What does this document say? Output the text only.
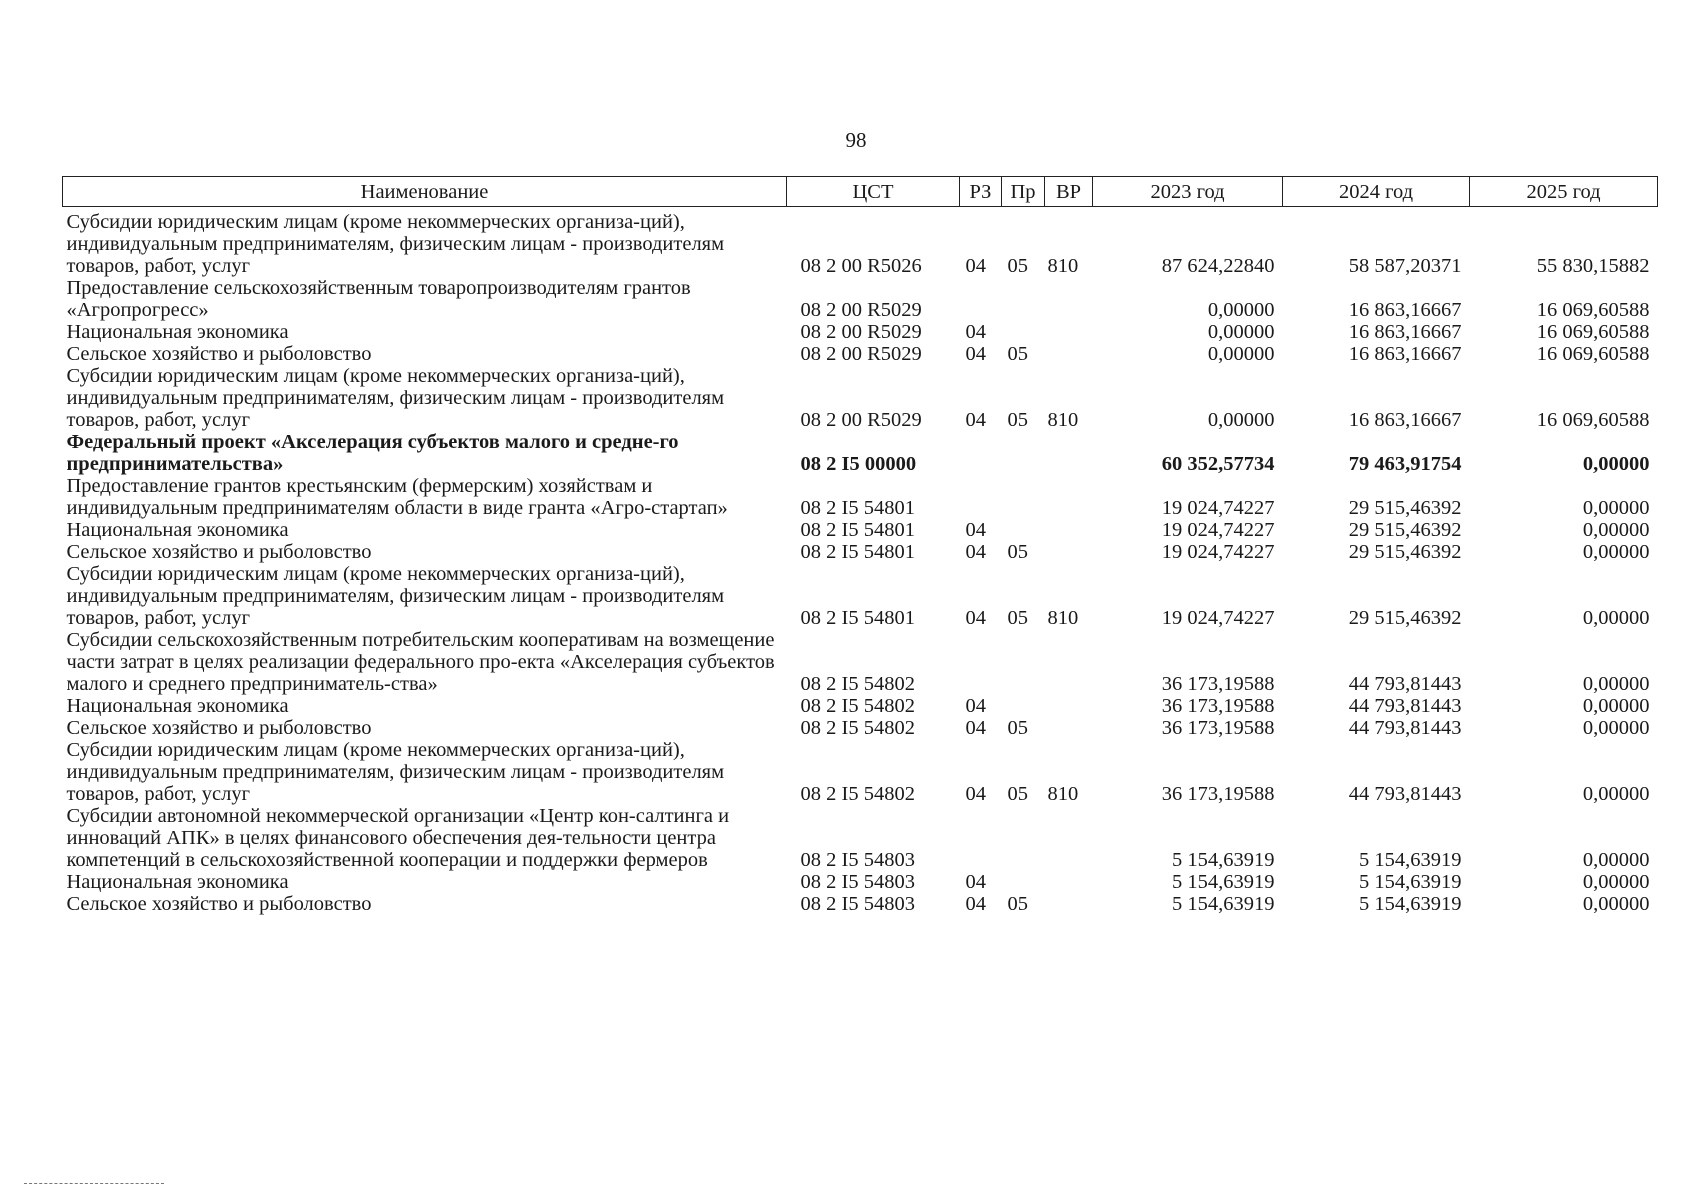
98
Наименование	ЦСТ	РЗ	Пр	ВР	2023 год	2024 год	2025 год
Субсидии юридическим лицам (кроме некоммерческих организа-ций), индивидуальным предпринимателям, физическим лицам - производителям товаров, работ, услуг	08 2 00 R5026	04	05	810	87 624,22840	58 587,20371	55 830,15882
Предоставление сельскохозяйственным товаропроизводителям грантов «Агропрогресс»	08 2 00 R5029				0,00000	16 863,16667	16 069,60588
Национальная экономика	08 2 00 R5029	04			0,00000	16 863,16667	16 069,60588
Сельское хозяйство и рыболовство	08 2 00 R5029	04	05		0,00000	16 863,16667	16 069,60588
Субсидии юридическим лицам (кроме некоммерческих организа-ций), индивидуальным предпринимателям, физическим лицам - производителям товаров, работ, услуг	08 2 00 R5029	04	05	810	0,00000	16 863,16667	16 069,60588
Федеральный проект «Акселерация субъектов малого и средне-го предпринимательства»	08 2 I5 00000				60 352,57734	79 463,91754	0,00000
Предоставление грантов крестьянским (фермерским) хозяйствам и индивидуальным предпринимателям области в виде гранта «Агро-стартап»	08 2 I5 54801				19 024,74227	29 515,46392	0,00000
Национальная экономика	08 2 I5 54801	04			19 024,74227	29 515,46392	0,00000
Сельское хозяйство и рыболовство	08 2 I5 54801	04	05		19 024,74227	29 515,46392	0,00000
Субсидии юридическим лицам (кроме некоммерческих организа-ций), индивидуальным предпринимателям, физическим лицам - производителям товаров, работ, услуг	08 2 I5 54801	04	05	810	19 024,74227	29 515,46392	0,00000
Субсидии сельскохозяйственным потребительским кооперативам на возмещение части затрат в целях реализации федерального про-екта «Акселерация субъектов малого и среднего предприниматель-ства»	08 2 I5 54802				36 173,19588	44 793,81443	0,00000
Национальная экономика	08 2 I5 54802	04			36 173,19588	44 793,81443	0,00000
Сельское хозяйство и рыболовство	08 2 I5 54802	04	05		36 173,19588	44 793,81443	0,00000
Субсидии юридическим лицам (кроме некоммерческих организа-ций), индивидуальным предпринимателям, физическим лицам - производителям товаров, работ, услуг	08 2 I5 54802	04	05	810	36 173,19588	44 793,81443	0,00000
Субсидии автономной некоммерческой организации «Центр кон-салтинга и инноваций АПК» в целях финансового обеспечения дея-тельности центра компетенций в сельскохозяйственной кооперации и поддержки фермеров	08 2 I5 54803				5 154,63919	5 154,63919	0,00000
Национальная экономика	08 2 I5 54803	04			5 154,63919	5 154,63919	0,00000
Сельское хозяйство и рыболовство	08 2 I5 54803	04	05		5 154,63919	5 154,63919	0,00000
